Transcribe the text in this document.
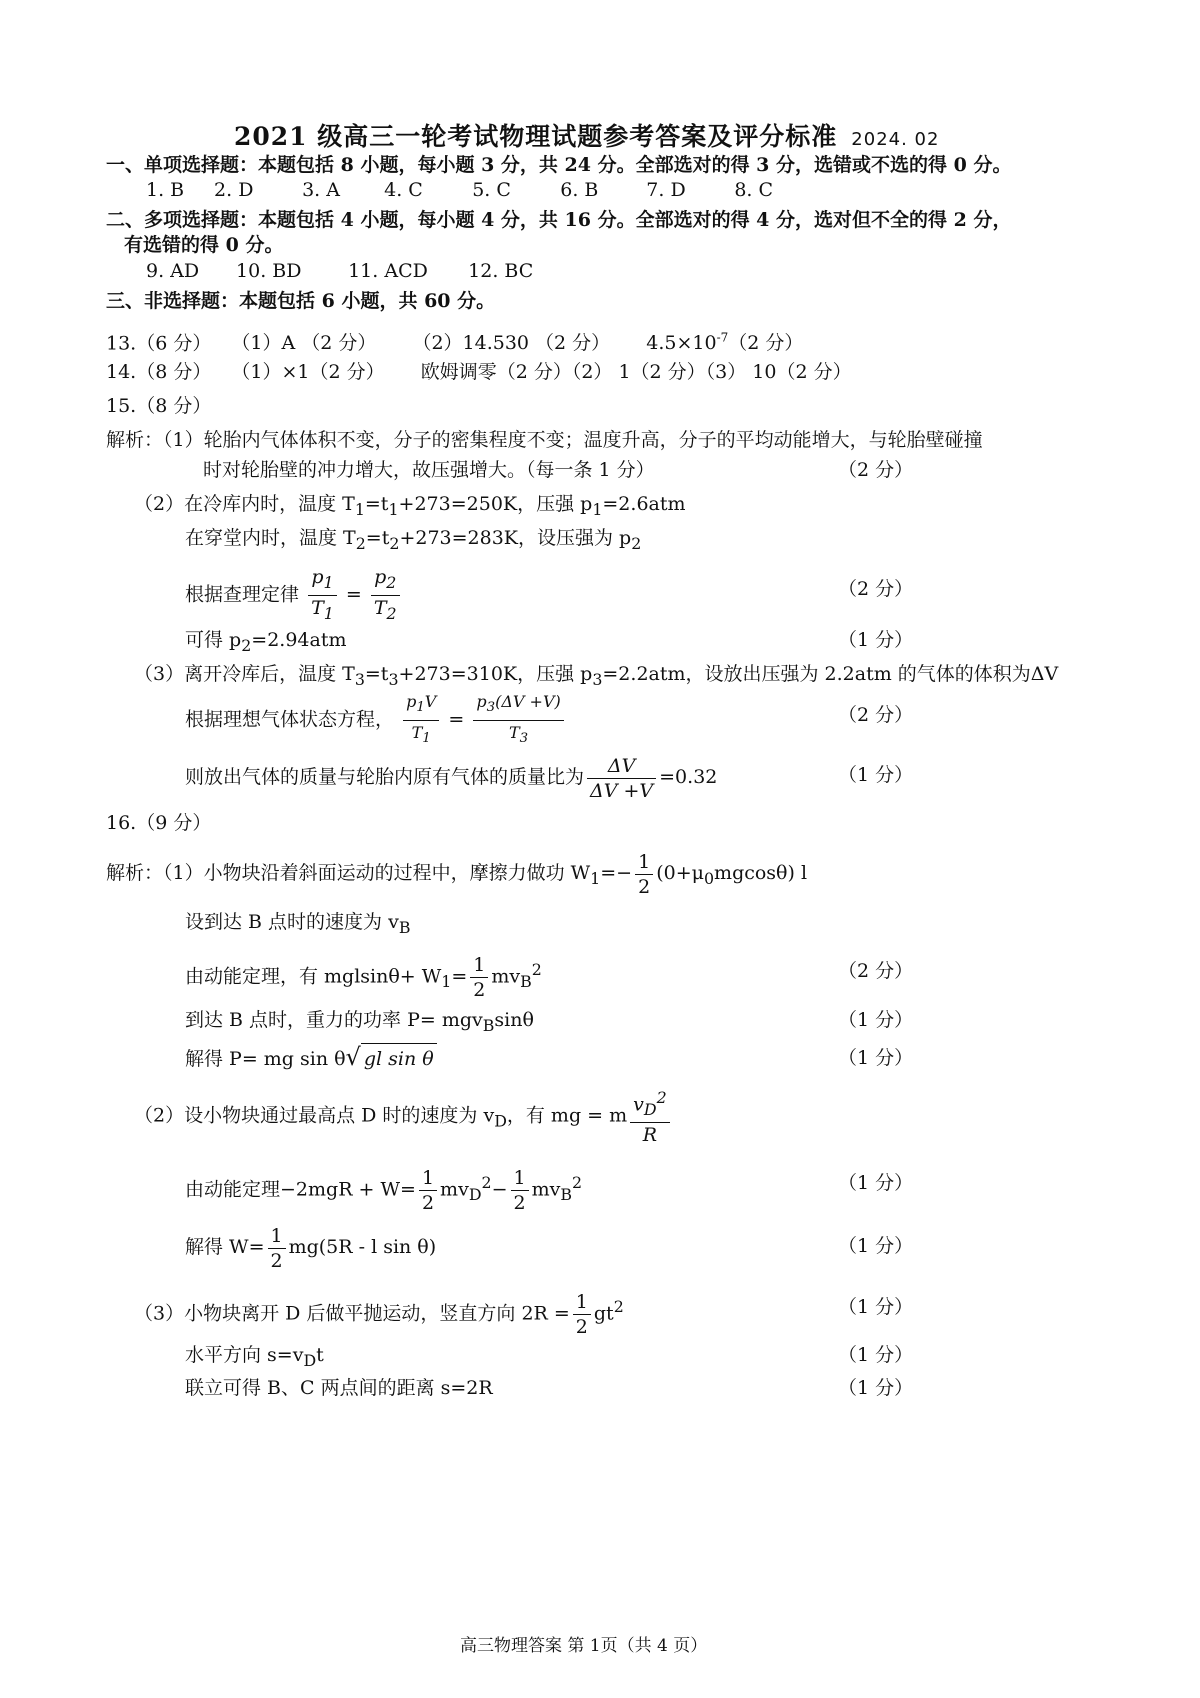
2021 级高三一轮考试物理试题参考答案及评分标准 2024. 02
一、单项选择题：本题包括 8 小题，每小题 3 分，共 24 分。全部选对的得 3 分，选错或不选的得 0 分。
1. B 2. D	3. A 4. C	5. C	6. B	7. D	8. C
二、多项选择题：本题包括 4 小题，每小题 4 分，共 16 分。全部选对的得 4 分，选对但不全的得 2 分，
有选错的得 0 分。
9. AD 10. BD 11. ACD 12. BC
三、非选择题：本题包括 6 小题，共 60 分。
13.（6 分） （1）A （2 分） （2）14.530 （2 分） $4.5\times 10^{-7}(2$ 分）
14.（8 分） （1）×1（2 分） 欧姆调零（2 分）（2） 1（2 分）（3） 10（2 分）
15.（8 分）
解析：（1）轮胎内气体体积不变，分子的密集程度不变；温度升高，分子的平均动能增大，与轮胎壁碰撞
时对轮胎壁的冲力增大，故压强增大。（每一条 1 分）	（2 分）
（2）在冷库内时，温度 $T_1=t_1+273=250K$，压强 $p_1=2.6atm$
在穿堂内时，温度 $T_2=t_2+273=283K$，设压强为 $p_2$
根据查理定律 $\frac{p_1}{T_1} = \frac{p_2}{T_2}$	（2 分）
可得 $p_2=2.94atm$	（1 分）
（3）离开冷库后，温度 $T_3=t_3+273=310K$，压强 $p_3=2.2atm$，设放出压强为 2.2atm 的气体的体积为ΔV
根据理想气体状态方程， $\frac{p_1V}{T_1} = \frac{p_3(\Delta V +V)}{T_3}$	（2 分）
则放出气体的质量与轮胎内原有气体的质量比为 $\frac{\Delta V}{\Delta V +V} =0.32$	（1 分）
16.（9 分）
解析：（1）小物块沿着斜面运动的过程中，摩擦力做功 $W_1=- \frac{1}{2} (0+\mu_0mgcos\theta)$ l
设到达 B 点时的速度为 $v_B$
由动能定理，有 $mglsin\theta+ W_1= \frac{1}{2} mv_B^2$	（2 分）
到达 B 点时，重力的功率 P= mgv$_B$sinθ	（1 分）
解得 P= mg sin θ√ gl sin θ	（1 分）
（2）设小物块通过最高点 D 时的速度为 $v_D$，有 mg = m $\frac{v_D^2}{R}$
由动能定理$-2mgR + W= \frac{1}{2} mv_D^2- \frac{1}{2} mv_B^2$	（1 分）
解得 $W= \frac{1}{2} mg(5R - l$ sin θ)	（1 分）
（3）小物块离开 D 后做平抛运动，竖直方向 $2R = \frac{1}{2} gt^2$	（1 分）
水平方向 $s=v_Dt$	（1 分）
联立可得 B、C 两点间的距离 s=2R	（1 分）
高三物理答案 第 1页（共 4 页）
